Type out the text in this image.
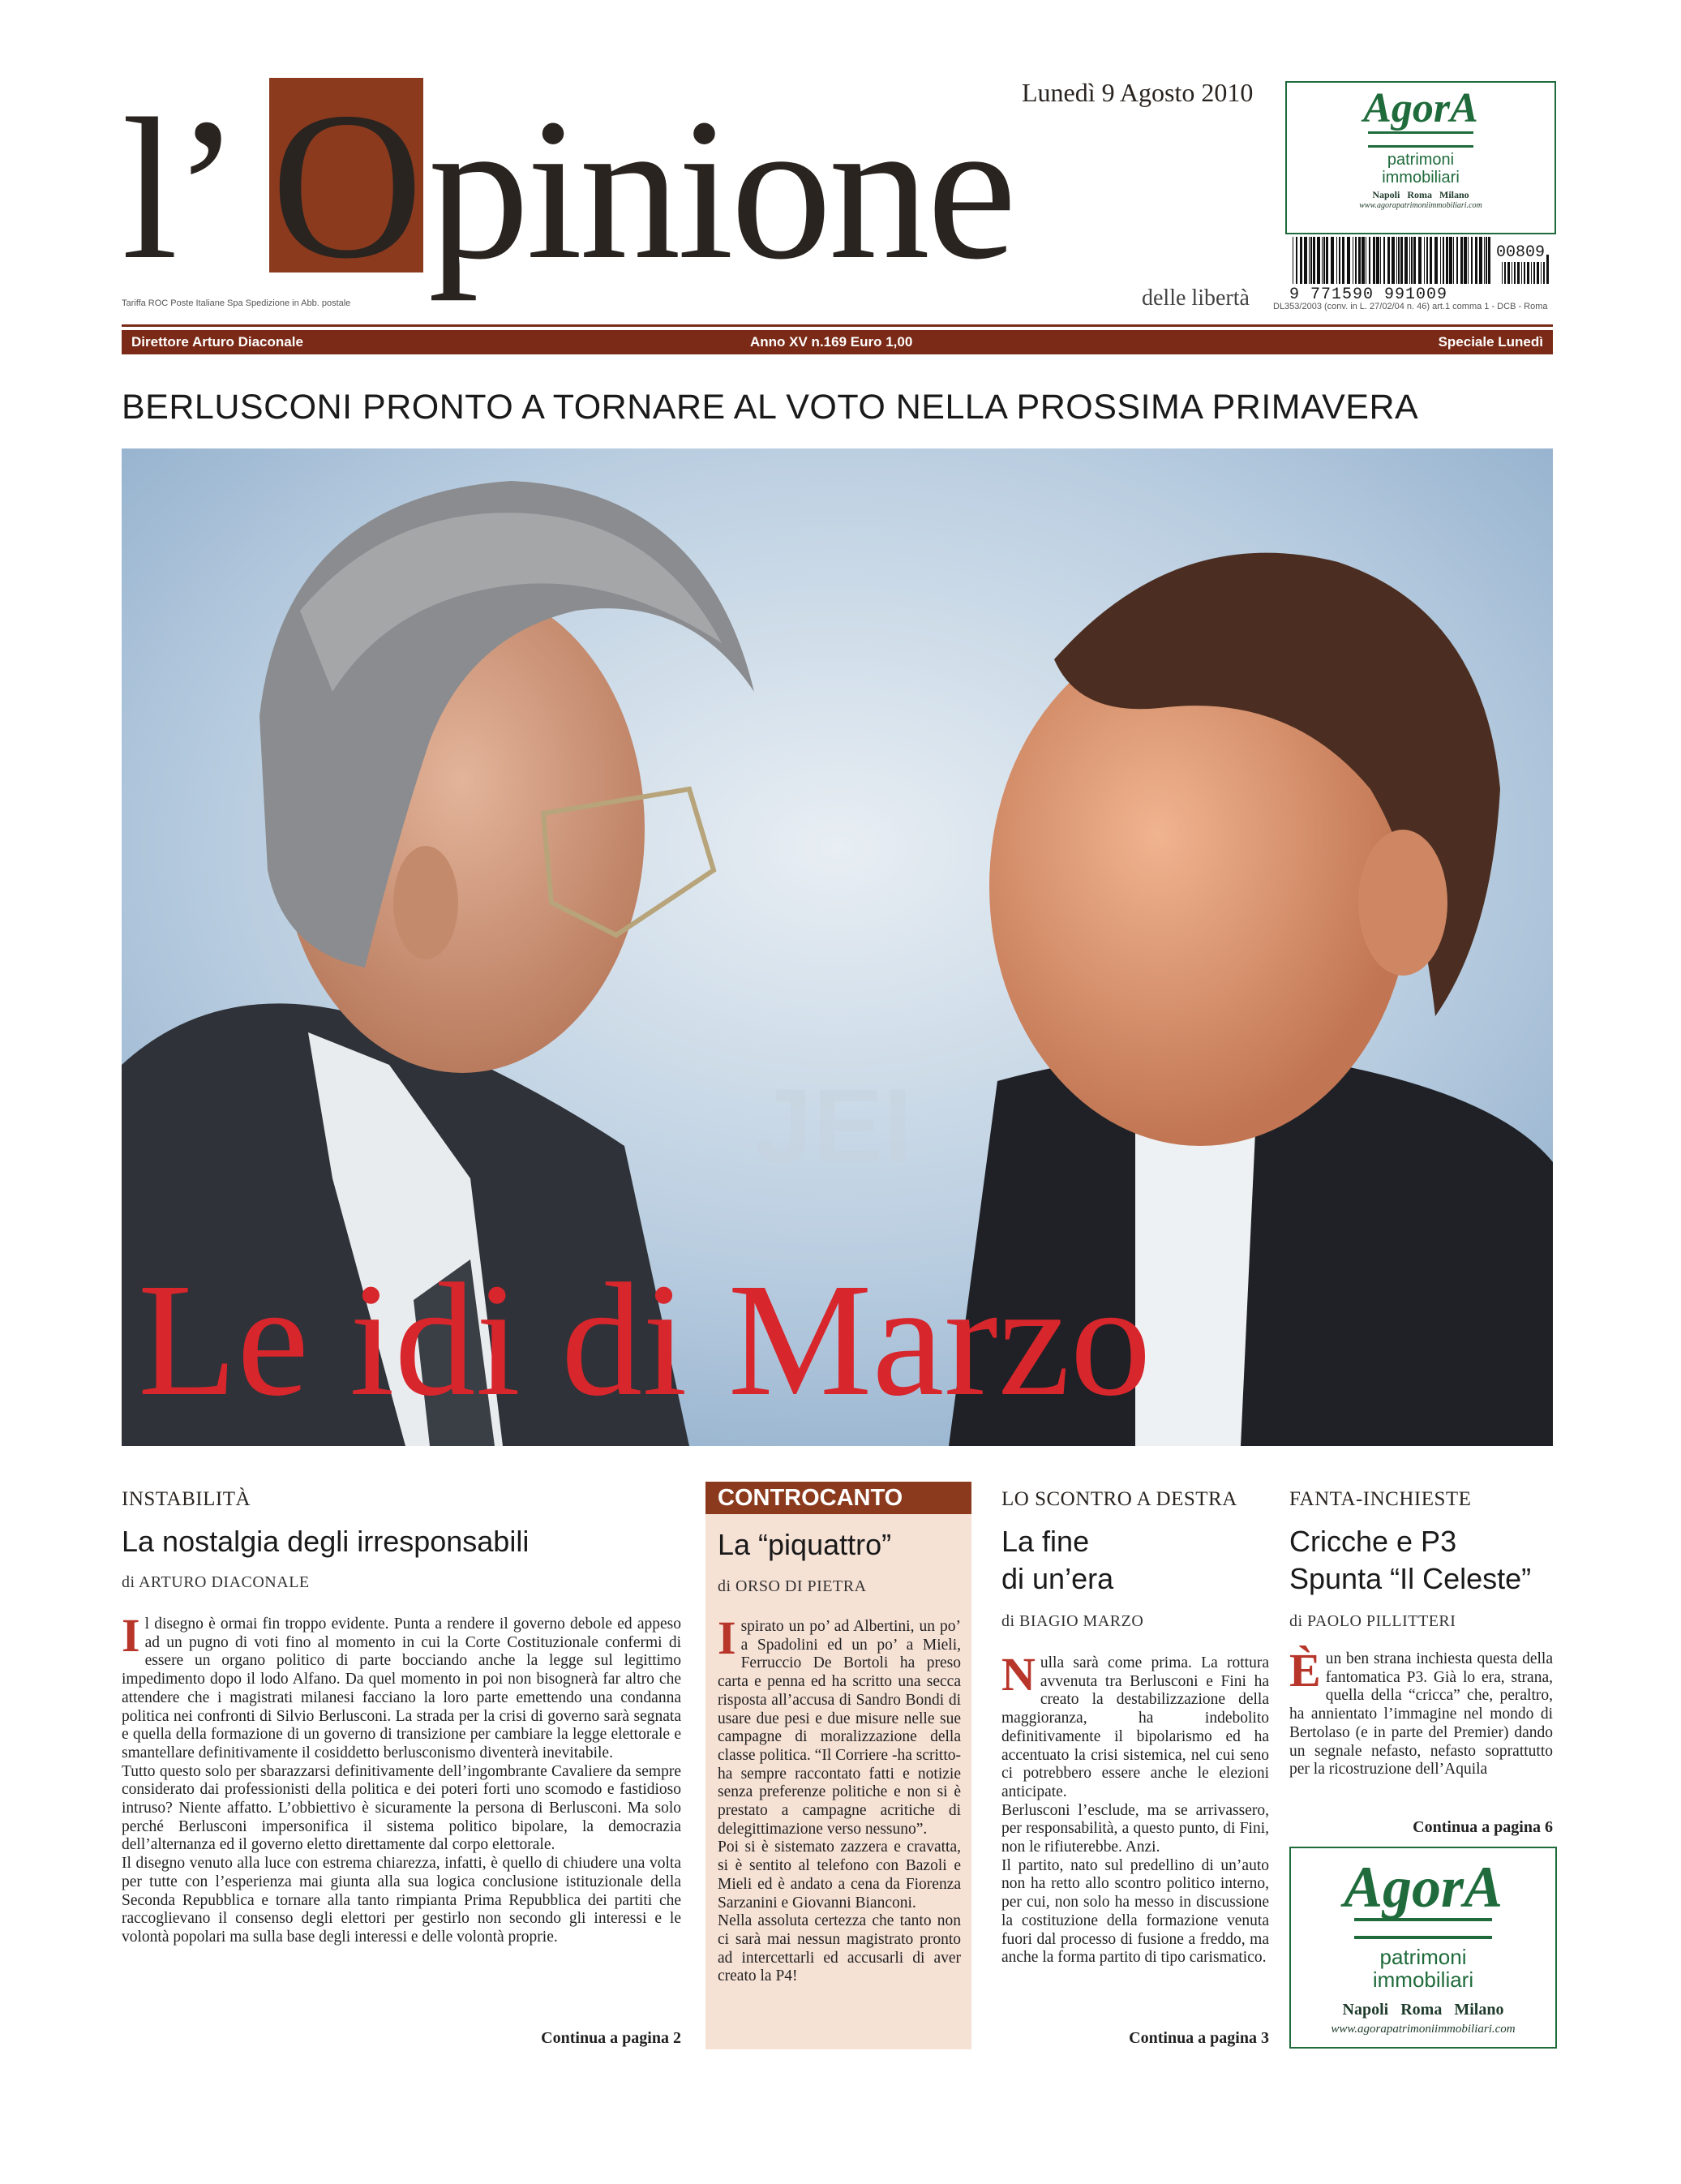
l’ O pinione Lunedì 9 Agosto 2010
delle libertà
Tariffa ROC Poste Italiane Spa Spedizione in Abb. postale	DL353/2003 (conv. in L. 27/02/04 n. 46) art.1 comma 1 - DCB - Roma
AgorA
patrimoni
immobiliari
Napoli   Roma   Milano
www.agorapatrimoniimmobiliari.com
9 771590 991009
00809
Direttore Arturo Diaconale	Anno XV n.169 Euro 1,00	Speciale Lunedì
BERLUSCONI PRONTO A TORNARE AL VOTO NELLA PROSSIMA PRIMAVERA
JEI
Le idi di Marzo
INSTABILITÀ
La nostalgia degli irresponsabili
di ARTURO DIACONALE
Il disegno è ormai fin troppo evidente. Punta a rendere il governo debole ed appeso ad un pugno di voti fino al momento in cui la Corte Costituzionale confermi di essere un organo politico di parte bocciando anche la legge sul legittimo impedimento dopo il lodo Alfano. Da quel momento in poi non bisognerà far altro che attendere che i magistrati milanesi facciano la loro parte emettendo una condanna politica nei confronti di Silvio Berlusconi. La strada per la crisi di governo sarà segnata e quella della formazione di un governo di transizione per cambiare la legge elettorale e smantellare definitivamente il cosiddetto berlusconismo diventerà inevitabile.
Tutto questo solo per sbarazzarsi definitivamente dell’ingombrante Cavaliere da sempre considerato dai professionisti della politica e dei poteri forti uno scomodo e fastidioso intruso? Niente affatto. L’obbiettivo è sicuramente la persona di Berlusconi. Ma solo perché Berlusconi impersonifica il sistema politico bipolare, la democrazia dell’alternanza ed il governo eletto direttamente dal corpo elettorale.
Il disegno venuto alla luce con estrema chiarezza, infatti, è quello di chiudere una volta per tutte con l’esperienza mai giunta alla sua logica conclusione istituzionale della Seconda Repubblica e tornare alla tanto rimpianta Prima Repubblica dei partiti che raccoglievano il consenso degli elettori per gestirlo non secondo gli interessi e le volontà popolari ma sulla base degli interessi e delle volontà proprie.
Continua a pagina 2
CONTROCANTO
La “piquattro”
di ORSO DI PIETRA
Ispirato un po’ ad Albertini, un po’ a Spadolini ed un po’ a Mieli, Ferruccio De Bortoli ha preso carta e penna ed ha scritto una secca risposta all’accusa di Sandro Bondi di usare due pesi e due misure nelle sue campagne di moralizzazione della classe politica. “Il Corriere -ha scritto- ha sempre raccontato fatti e notizie senza preferenze politiche e non si è prestato a campagne acritiche di delegittimazione verso nessuno”.
Poi si è sistemato zazzera e cravatta, si è sentito al telefono con Bazoli e Mieli ed è andato a cena da Fiorenza Sarzanini e Giovanni Bianconi.
Nella assoluta certezza che tanto non ci sarà mai nessun magistrato pronto ad intercettarli ed accusarli di aver creato la P4!
LO SCONTRO A DESTRA
La fine
di un’era
di BIAGIO MARZO
Nulla sarà come prima. La rottura avvenuta tra Berlusconi e Fini ha creato la destabilizzazione della maggioranza, ha indebolito definitivamente il bipolarismo ed ha accentuato la crisi sistemica, nel cui seno ci potrebbero essere anche le elezioni anticipate.
Berlusconi l’esclude, ma se arrivassero, per responsabilità, a questo punto, di Fini, non le rifiuterebbe. Anzi.
Il partito, nato sul predellino di un’auto non ha retto allo scontro politico interno, per cui, non solo ha messo in discussione la costituzione della formazione venuta fuori dal processo di fusione a freddo, ma anche la forma partito di tipo carismatico.
Continua a pagina 3
FANTA-INCHIESTE
Cricche e P3
Spunta “Il Celeste”
di PAOLO PILLITTERI
Èun ben strana inchiesta questa della fantomatica P3. Già lo era, strana, quella della “cricca” che, peraltro, ha annientato l’immagine nel mondo di Bertolaso (e in parte del Premier) dando un segnale nefasto, nefasto soprattutto per la ricostruzione dell’Aquila
Continua a pagina 6
AgorA
patrimoni
immobiliari
Napoli   Roma   Milano
www.agorapatrimoniimmobiliari.com
